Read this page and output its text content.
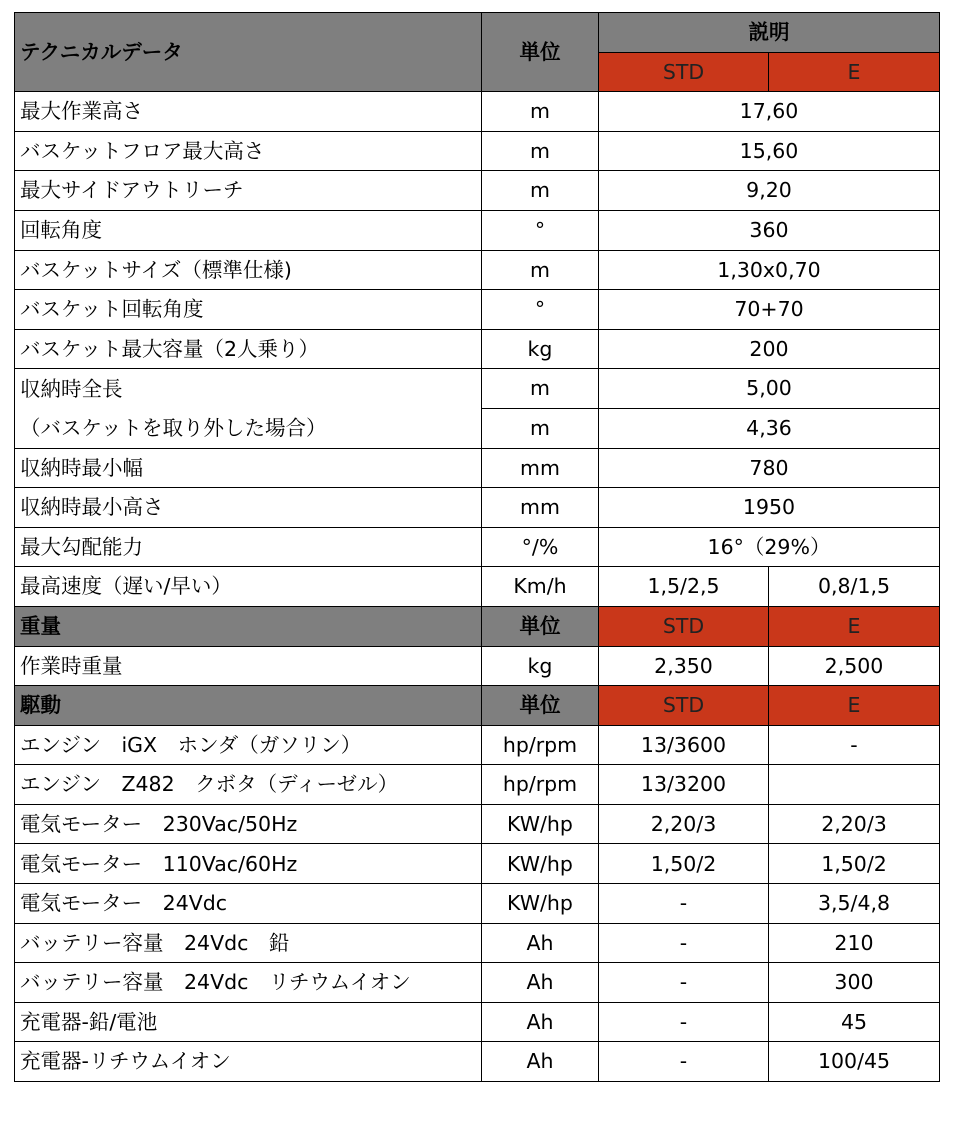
テクニカルデータ	単位	説明	
		STD	E
最大作業高さ	m	17,60	
バスケットフロア最大高さ	m	15,60	
最大サイドアウトリーチ	m	9,20	
回転角度	°	360	
バスケットサイズ（標準仕様)	m	1,30x0,70	
バスケット回転角度	°	70+70	
バスケット最大容量（2人乗り）	kg	200	
収納時全長	m	5,00	
（バスケットを取り外した場合）	m	4,36	
収納時最小幅	mm	780	
収納時最小高さ	mm	1950	
最大勾配能力	°/%	16°（29%）	
最高速度（遅い/早い）	Km/h	1,5/2,5	0,8/1,5
重量	単位	STD	E
作業時重量	kg	2,350	2,500
駆動	単位	STD	E
エンジン　iGX　ホンダ（ガソリン）	hp/rpm	13/3600	-
エンジン　Z482　クボタ（ディーゼル）	hp/rpm	13/3200	
電気モーター　230Vac/50Hz	KW/hp	2,20/3	2,20/3
電気モーター　110Vac/60Hz	KW/hp	1,50/2	1,50/2
電気モーター　24Vdc	KW/hp	-	3,5/4,8
バッテリー容量　24Vdc　鉛	Ah	-	210
バッテリー容量　24Vdc　リチウムイオン	Ah	-	300
充電器-鉛/電池	Ah	-	45
充電器-リチウムイオン	Ah	-	100/45
